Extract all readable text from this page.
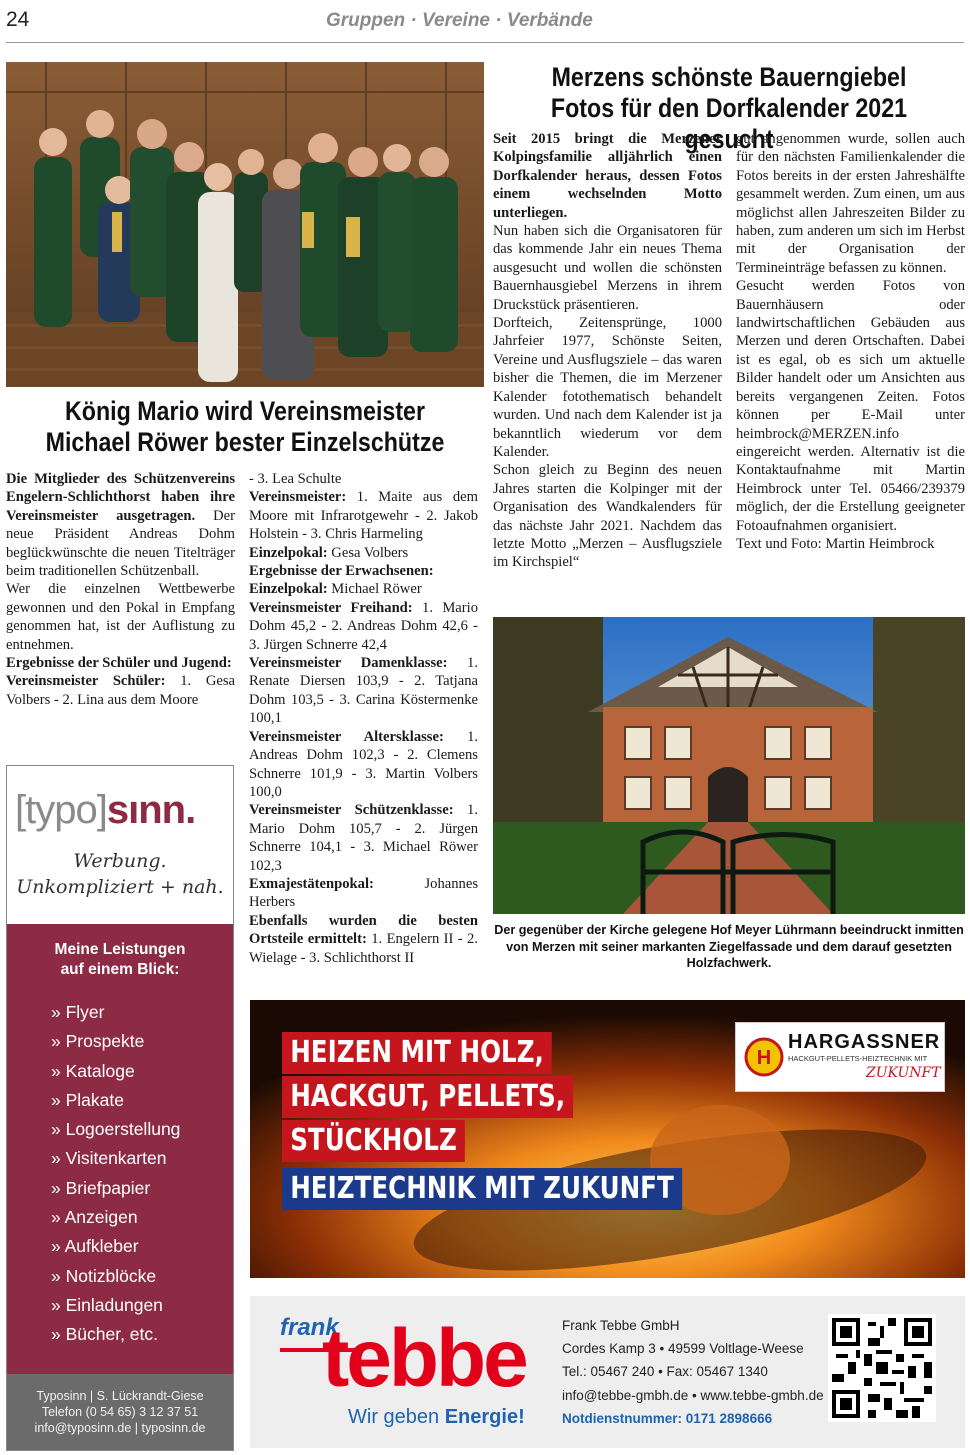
24	Gruppen · Vereine · Verbände
König Mario wird Vereinsmeister
Michael Röwer bester Einzelschütze

Die Mitglieder des Schützenvereins Engelern-Schlichthorst haben ihre Vereinsmeister ausgetragen. Der neue Präsident Andreas Dohm beglückwünschte die neuen Titelträger beim traditionellen Schützenball.

Wer die einzelnen Wettbewerbe gewonnen und den Pokal in Empfang genommen hat, ist der Auflistung zu entnehmen.

Ergebnisse der Schüler und Jugend:

Vereinsmeister Schüler: 1. Gesa Volbers - 2. Lina aus dem Moore

- 3. Lea Schulte

Vereinsmeister: 1. Maite aus dem Moore mit Infrarotgewehr - 2. Jakob Holstein - 3. Chris Harmeling

Einzelpokal: Gesa Volbers

Ergebnisse der Erwachsenen:

Einzelpokal: Michael Röwer

Vereinsmeister Freihand: 1. Mario Dohm 45,2 - 2. Andreas Dohm 42,6 - 3. Jürgen Schnerre 42,4

Vereinsmeister Damenklasse: 1. Renate Diersen 103,9 - 2. Tatjana Dohm 103,5 - 3. Carina Köstermenke 100,1

Vereinsmeister Altersklasse: 1. Andreas Dohm 102,3 - 2. Clemens Schnerre 101,9 - 3. Martin Volbers 100,0

Vereinsmeister Schützenklasse: 1. Mario Dohm 105,7 - 2. Jürgen Schnerre 104,1 - 3. Michael Röwer 102,3

Exmajestätenpokal: Johannes Herbers

Ebenfalls wurden die besten Ortsteile ermittelt: 1. Engelern II - 2. Wielage - 3. Schlichthorst II

Merzens schönste Bauerngiebel
Fotos für den Dorfkalender 2021 gesucht

Seit 2015 bringt die Merzener Kolpingsfamilie alljährlich einen Dorfkalender heraus, dessen Fotos einem wechselnden Motto unterliegen.

Nun haben sich die Organisatoren für das kommende Jahr ein neues Thema ausgesucht und wollen die schönsten Bauernhausgiebel Merzens in ihrem Druckstück präsentieren.

Dorfteich, Zeitensprünge, 1000 Jahrfeier 1977, Schönste Seiten, Vereine und Ausflugsziele – das waren bisher die Themen, die im Merzener Kalender fotothematisch behandelt wurden. Und nach dem Kalender ist ja bekanntlich wiederum vor dem Kalender.

Schon gleich zu Beginn des neuen Jahres starten die Kolpinger mit der Organisation des Wandkalenders für das nächste Jahr 2021. Nachdem das letzte Motto „Merzen – Ausflugsziele im Kirchspiel“

gut angenommen wurde, sollen auch für den nächsten Familienkalender die Fotos bereits in der ersten Jahreshälfte gesammelt werden. Zum einen, um aus möglichst allen Jahreszeiten Bilder zu haben, zum anderen um sich im Herbst mit der Organisation der Termineinträge befassen zu können.

Gesucht werden Fotos von Bauernhäusern oder landwirtschaftlichen Gebäuden aus Merzen und deren Ortschaften. Dabei ist es egal, ob es sich um aktuelle Bilder handelt oder um Ansichten aus bereits vergangenen Zeiten. Fotos können per E-Mail unter heimbrock@MERZEN.info eingereicht werden. Alternativ ist die Kontaktaufnahme mit Martin Heimbrock unter Tel. 05466/239379 möglich, der die Erstellung geeigneter Fotoaufnahmen organisiert.

Text und Foto: Martin Heimbrock

Der gegenüber der Kirche gelegene Hof Meyer Lührmann beeindruckt inmitten von Merzen mit seiner markanten Ziegelfassade und dem darauf gesetzten Holzfachwerk.
[typo]sınn.
Werbung.
Unkompliziert + nah.
Meine Leistungen
auf einem Blick:
» Flyer
» Prospekte
» Kataloge
» Plakate
» Logoerstellung
» Visitenkarten
» Briefpapier
» Anzeigen
» Aufkleber
» Notizblöcke
» Einladungen
» Bücher, etc.
Typosinn | S. Lückrandt-Giese
Telefon (0 54 65) 3 12 37 51
info@typosinn.de | typosinn.de
HEIZEN MIT HOLZ,
HACKGUT, PELLETS,
STÜCKHOLZ
HEIZTECHNIK MIT ZUKUNFT
H
HARGASSNER
HACKGUT-PELLETS-HEIZTECHNIK MIT
ZUKUNFT
frank
tebbe
Wir geben Energie!
Frank Tebbe GmbH
Cordes Kamp 3 • 49599 Voltlage-Weese
Tel.: 05467 240 • Fax: 05467 1340
info@tebbe-gmbh.de • www.tebbe-gmbh.de
Notdienstnummer: 0171 2898666
